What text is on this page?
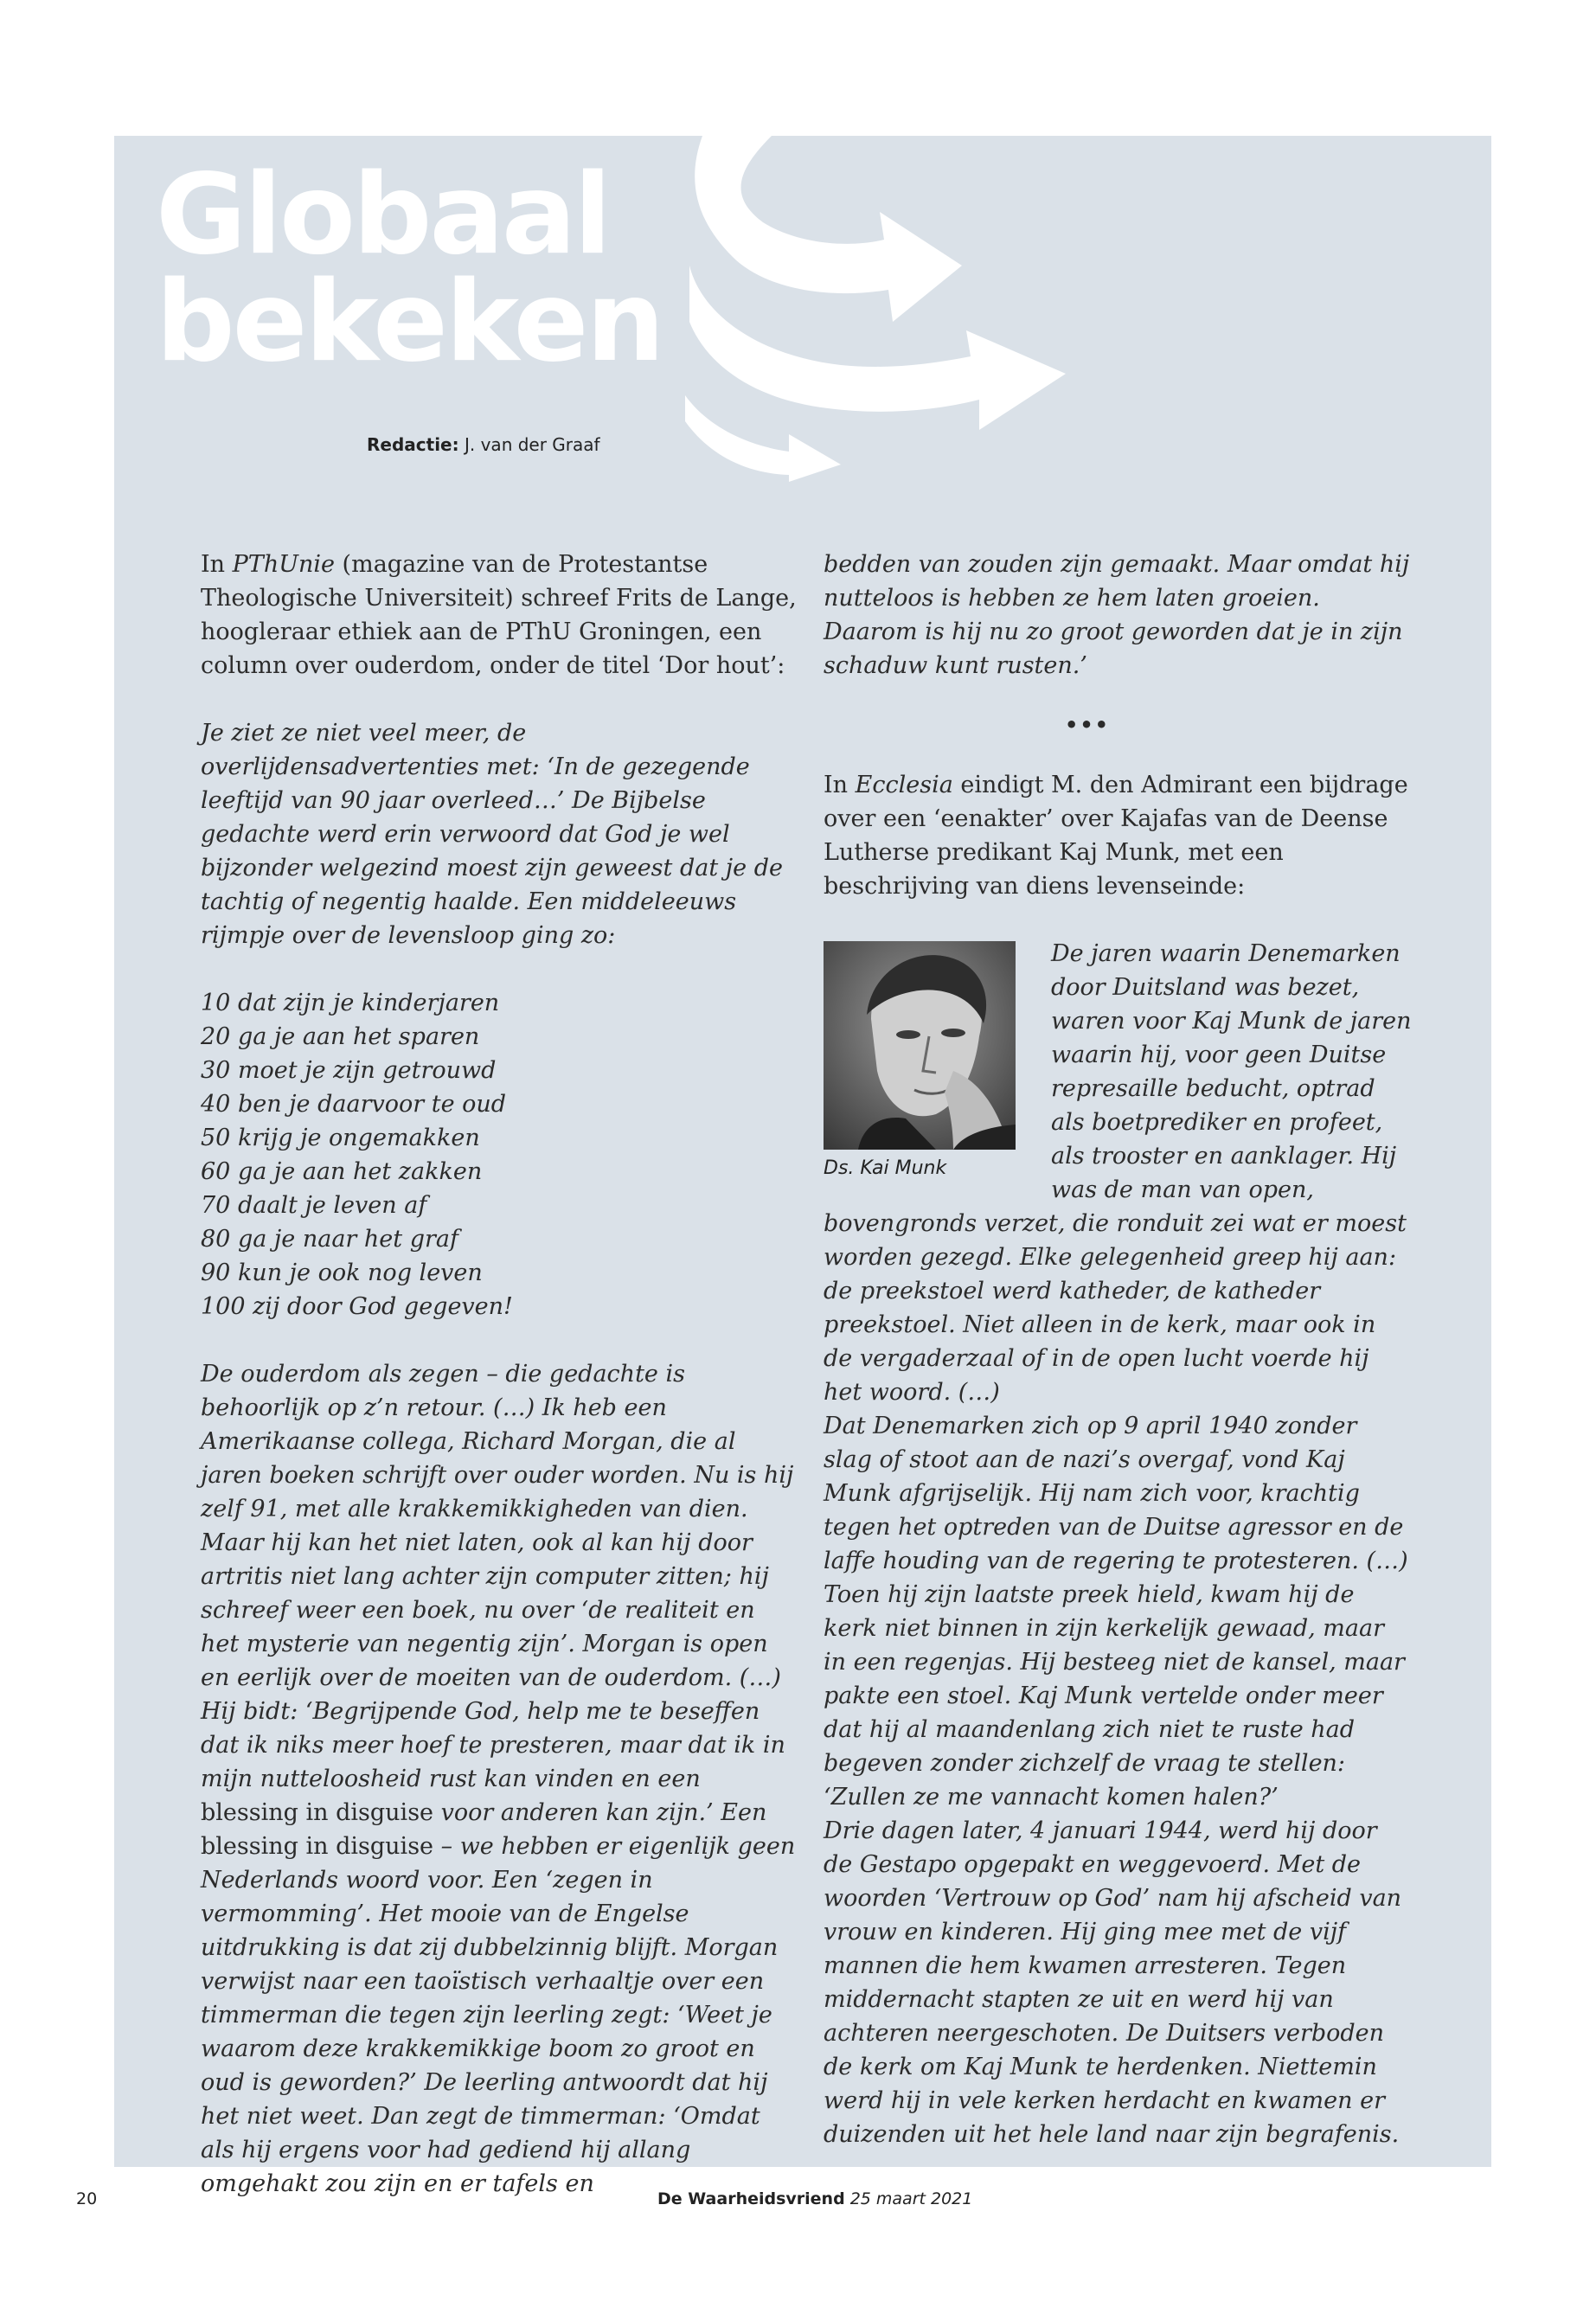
Globaal
bekeken
Redactie: J. van der Graaf

In PThUnie (magazine van de Protestantse Theologische Universiteit) schreef Frits de Lange, hoogleraar ethiek aan de PThU Groningen, een column over ouderdom, onder de titel ‘Dor hout’:

Je ziet ze niet veel meer, de overlijdensadvertenties met: ‘In de gezegende leeftijd van 90 jaar overleed…’ De Bijbelse gedachte werd erin verwoord dat God je wel bijzonder welgezind moest zijn geweest dat je de tachtig of negentig haalde. Een middeleeuws rijmpje over de levensloop ging zo:

10 dat zijn je kinderjaren

20 ga je aan het sparen

30 moet je zijn getrouwd

40 ben je daarvoor te oud

50 krijg je ongemakken

60 ga je aan het zakken

70 daalt je leven af

80 ga je naar het graf

90 kun je ook nog leven

100 zij door God gegeven!

De ouderdom als zegen – die gedachte is behoorlijk op z’n retour. (…) Ik heb een Amerikaanse collega, Richard Morgan, die al jaren boeken schrijft over ouder worden. Nu is hij zelf 91, met alle krakkemikkigheden van dien. Maar hij kan het niet laten, ook al kan hij door artritis niet lang achter zijn computer zitten; hij schreef weer een boek, nu over ‘de realiteit en het mysterie van negentig zijn’. Morgan is open en eerlijk over de moeiten van de ouderdom. (…) Hij bidt: ‘Begrijpende God, help me te beseffen dat ik niks meer hoef te presteren, maar dat ik in mijn nutteloosheid rust kan vinden en een blessing in disguise voor anderen kan zijn.’ Een blessing in disguise – we hebben er eigenlijk geen Nederlands woord voor. Een ‘zegen in vermomming’. Het mooie van de Engelse uitdrukking is dat zij dubbelzinnig blijft. Morgan verwijst naar een taoïstisch verhaaltje over een timmerman die tegen zijn leerling zegt: ‘Weet je waarom deze krakkemikkige boom zo groot en oud is geworden?’ De leerling antwoordt dat hij het niet weet. Dan zegt de timmerman: ‘Omdat als hij ergens voor had gediend hij allang omgehakt zou zijn en er tafels en

bedden van zouden zijn gemaakt. Maar omdat hij nutteloos is hebben ze hem laten groeien. Daarom is hij nu zo groot geworden dat je in zijn schaduw kunt rusten.’

•••

In Ecclesia eindigt M. den Admirant een bijdrage over een ‘eenakter’ over Kajafas van de Deense Lutherse predikant Kaj Munk, met een beschrijving van diens levenseinde:

Ds. Kai Munk

De jaren waarin Denemarken door Duitsland was bezet, waren voor Kaj Munk de jaren waarin hij, voor geen Duitse represaille beducht, optrad als boetprediker en profeet, als trooster en aanklager. Hij was de man van open, bovengronds verzet, die ronduit zei wat er moest worden gezegd. Elke gelegenheid greep hij aan: de preekstoel werd katheder, de katheder preekstoel. Niet alleen in de kerk, maar ook in de vergaderzaal of in de open lucht voerde hij het woord. (…)

Dat Denemarken zich op 9 april 1940 zonder slag of stoot aan de nazi’s overgaf, vond Kaj Munk afgrijselijk. Hij nam zich voor, krachtig tegen het optreden van de Duitse agressor en de laffe houding van de regering te protesteren. (…)

Toen hij zijn laatste preek hield, kwam hij de kerk niet binnen in zijn kerkelijk gewaad, maar in een regenjas. Hij besteeg niet de kansel, maar pakte een stoel. Kaj Munk vertelde onder meer dat hij al maandenlang zich niet te ruste had begeven zonder zichzelf de vraag te stellen: ‘Zullen ze me vannacht komen halen?’

Drie dagen later, 4 januari 1944, werd hij door de Gestapo opgepakt en weggevoerd. Met de woorden ‘Vertrouw op God’ nam hij afscheid van vrouw en kinderen. Hij ging mee met de vijf mannen die hem kwamen arresteren. Tegen middernacht stapten ze uit en werd hij van achteren neergeschoten. De Duitsers verboden de kerk om Kaj Munk te herdenken. Niettemin werd hij in vele kerken herdacht en kwamen er duizenden uit het hele land naar zijn begrafenis.

20	De Waarheidsvriend 25 maart 2021
